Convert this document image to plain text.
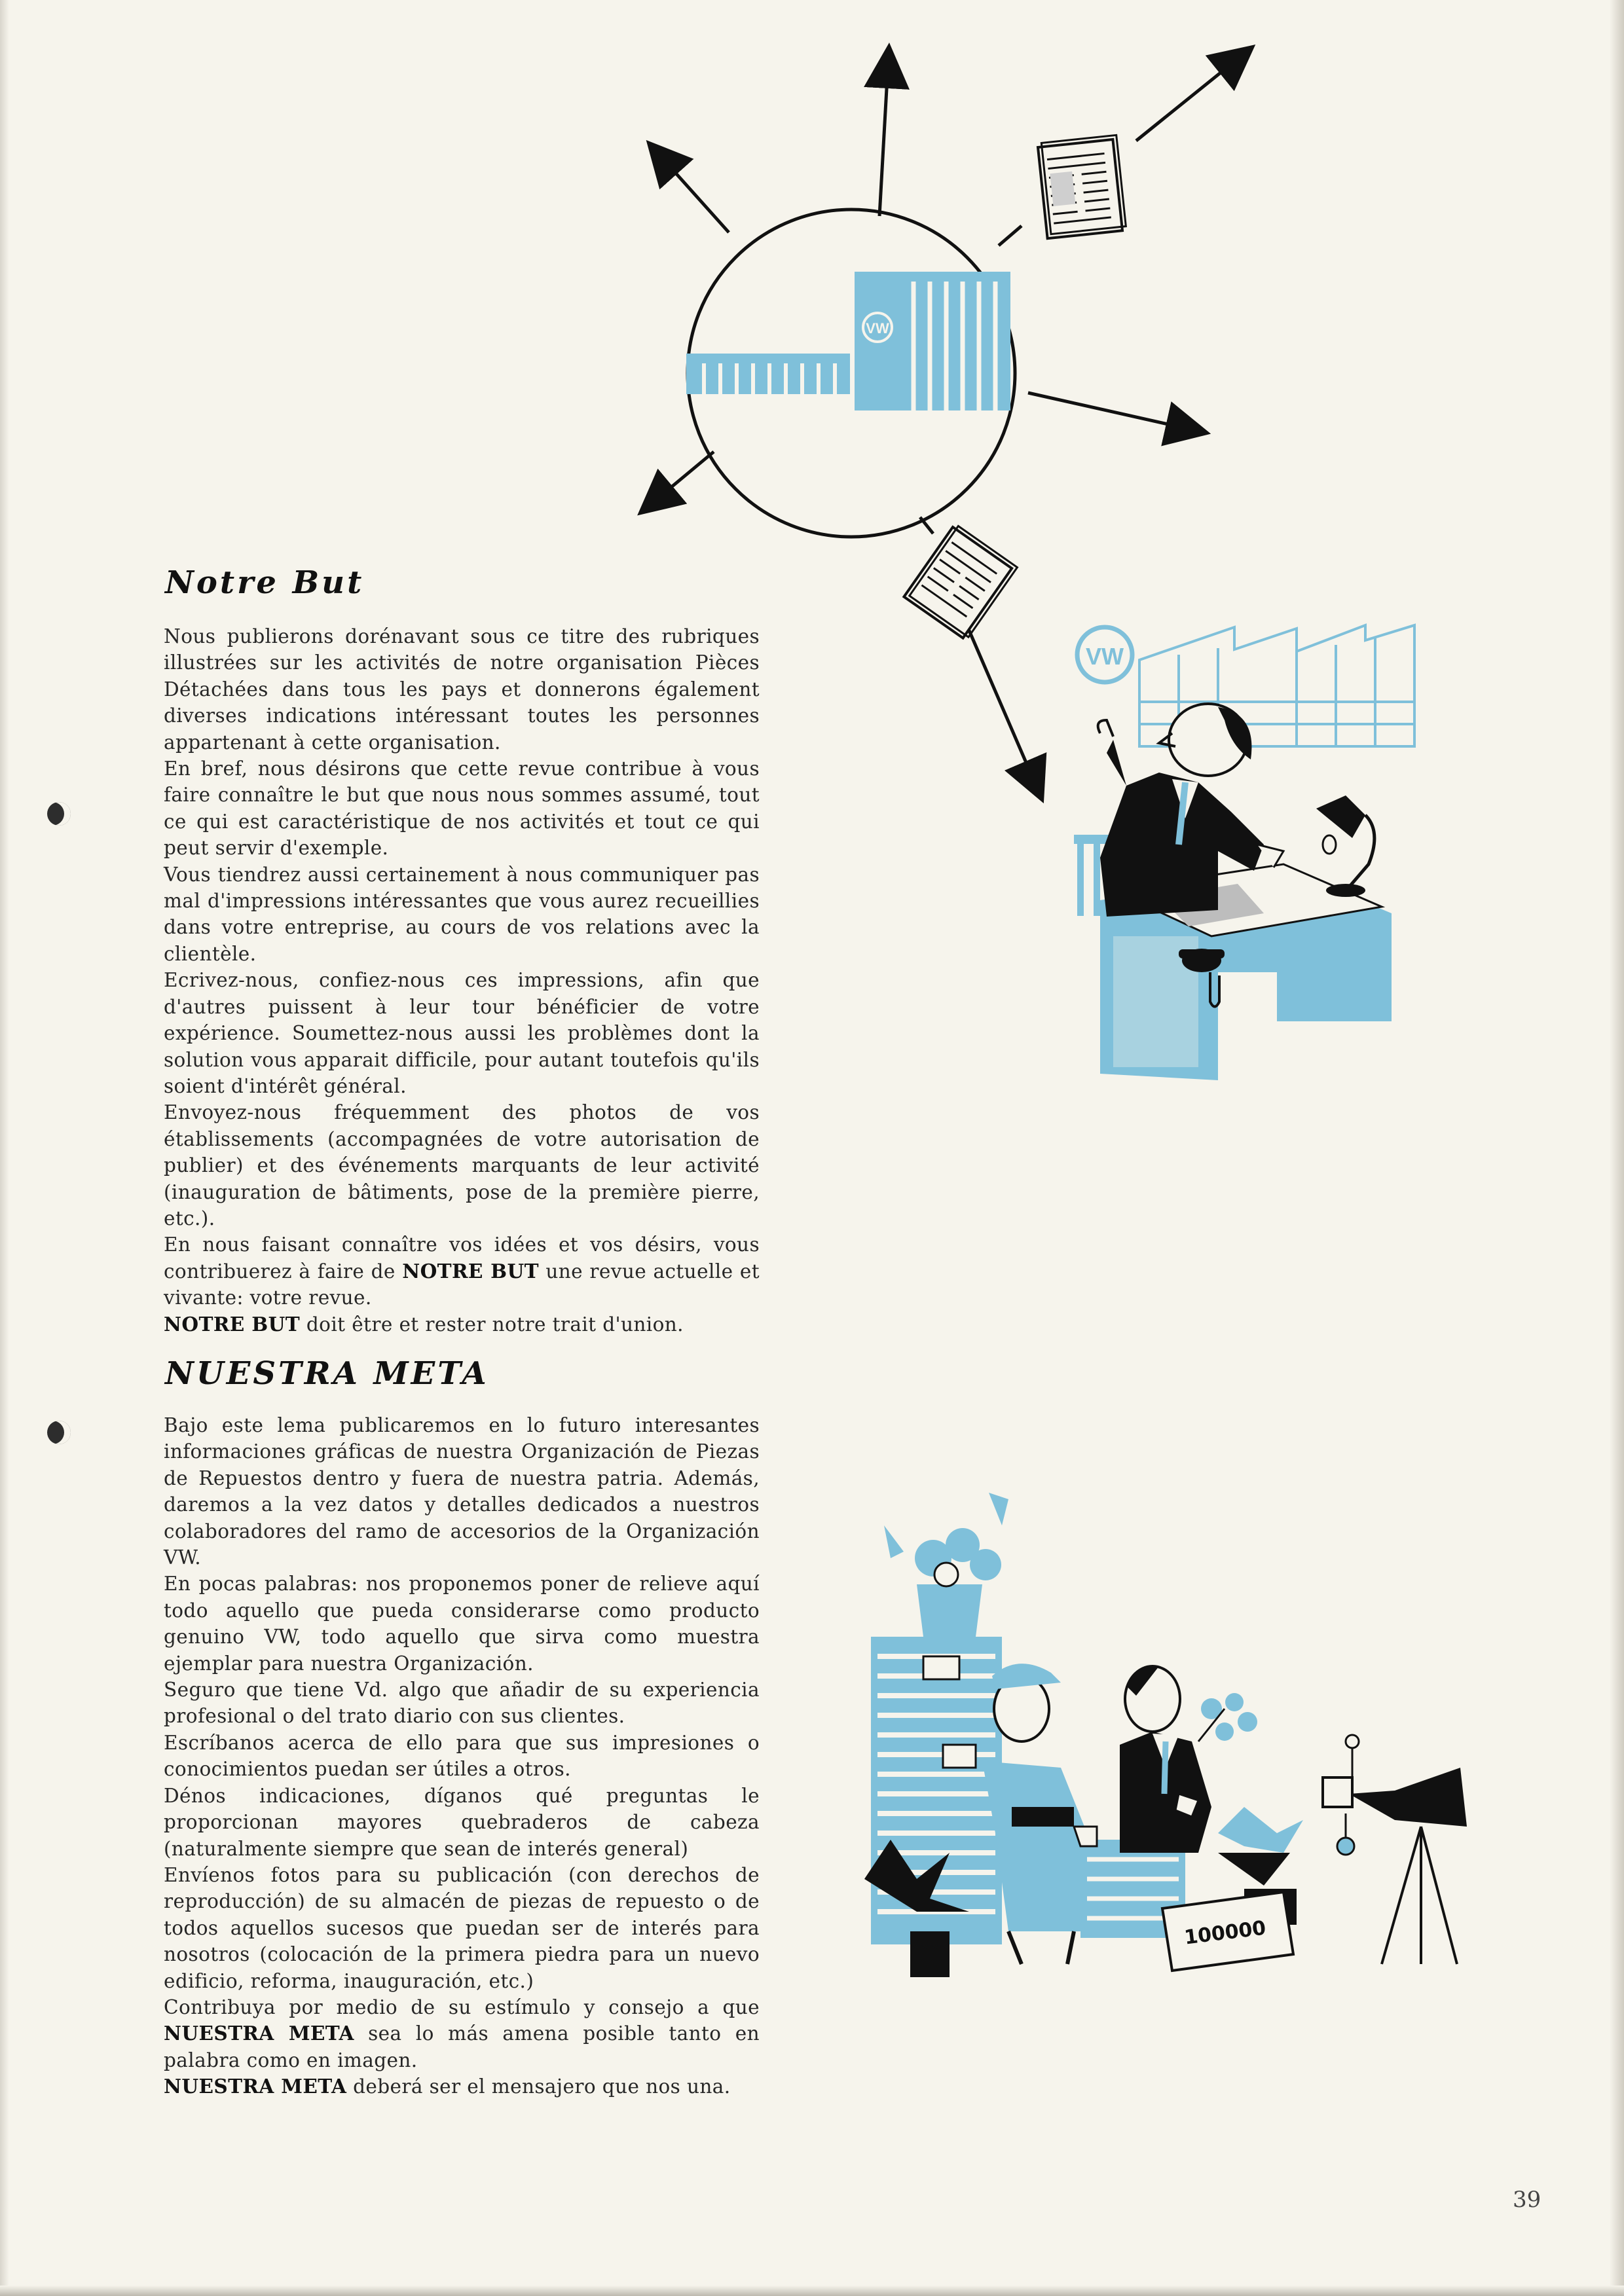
VW
VW
100000
Notre But

Nous publierons dorénavant sous ce titre des rubriques illustrées sur les activités de notre organisation Pièces Détachées dans tous les pays et donnerons également diverses indications intéressant toutes les personnes appartenant à cette organisation.

En bref, nous désirons que cette revue contribue à vous faire connaître le but que nous nous sommes assumé, tout ce qui est caractéristique de nos activités et tout ce qui peut servir d'exemple.

Vous tiendrez aussi certainement à nous communiquer pas mal d'impressions intéressantes que vous aurez recueillies dans votre entreprise, au cours de vos relations avec la clientèle.

Ecrivez-nous, confiez-nous ces impressions, afin que d'autres puissent à leur tour bénéficier de votre expérience. Soumettez-nous aussi les problèmes dont la solution vous apparait difficile, pour autant toutefois qu'ils soient d'intérêt général.

Envoyez-nous fréquemment des photos de vos établissements (accompagnées de votre autorisation de publier) et des événements marquants de leur activité (inauguration de bâtiments, pose de la première pierre, etc.).

En nous faisant connaître vos idées et vos désirs, vous contribuerez à faire de NOTRE BUT une revue actuelle et vivante: votre revue.

NOTRE BUT doit être et rester notre trait d'union.

NUESTRA META

Bajo este lema publicaremos en lo futuro interesantes informaciones gráficas de nuestra Organización de Piezas de Repuestos dentro y fuera de nuestra patria. Además, daremos a la vez datos y detalles dedicados a nuestros colaboradores del ramo de accesorios de la Organización VW.

En pocas palabras: nos proponemos poner de relieve aquí todo aquello que pueda considerarse como producto genuino VW, todo aquello que sirva como muestra ejemplar para nuestra Organización.

Seguro que tiene Vd. algo que añadir de su experiencia profesional o del trato diario con sus clientes.

Escríbanos acerca de ello para que sus impresiones o conocimientos puedan ser útiles a otros.

Dénos indicaciones, díganos qué preguntas le proporcionan mayores quebraderos de cabeza (naturalmente siempre que sean de interés general)

Envíenos fotos para su publicación (con derechos de reproducción) de su almacén de piezas de repuesto o de todos aquellos sucesos que puedan ser de interés para nosotros (colocación de la primera piedra para un nuevo edificio, reforma, inauguración, etc.)

Contribuya por medio de su estímulo y consejo a que NUESTRA META sea lo más amena posible tanto en palabra como en imagen.

NUESTRA META deberá ser el mensajero que nos una.

39
